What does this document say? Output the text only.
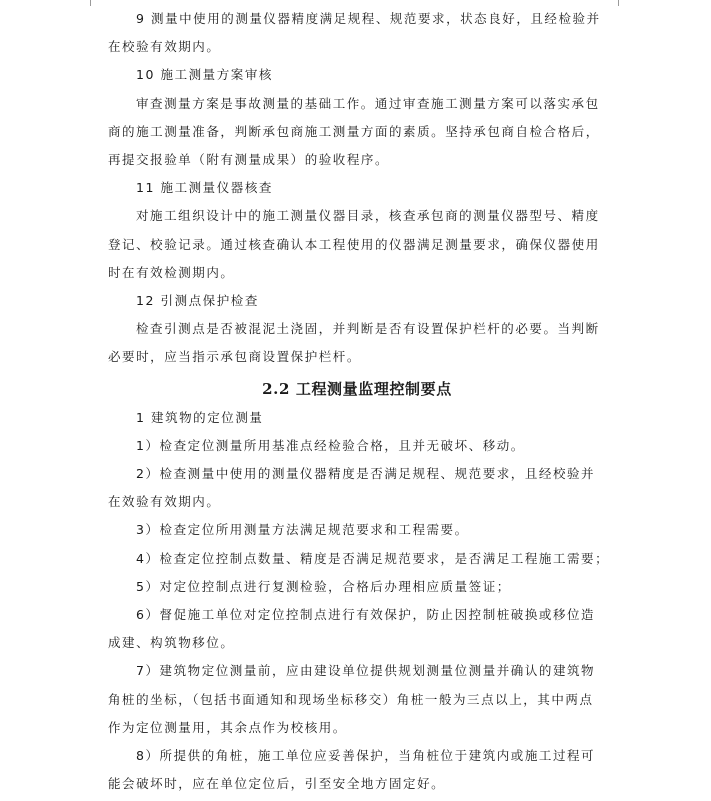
9 测量中使用的测量仪器精度满足规程、规范要求，状态良好，且经检验并

在校验有效期内。

10 施工测量方案审核

审查测量方案是事故测量的基础工作。通过审查施工测量方案可以落实承包

商的施工测量准备，判断承包商施工测量方面的素质。坚持承包商自检合格后，

再提交报验单（附有测量成果）的验收程序。

11 施工测量仪器核查

对施工组织设计中的施工测量仪器目录，核查承包商的测量仪器型号、精度

登记、校验记录。通过核查确认本工程使用的仪器满足测量要求，确保仪器使用

时在有效检测期内。

12 引测点保护检查

检查引测点是否被混泥土浇固，并判断是否有设置保护栏杆的必要。当判断

必要时，应当指示承包商设置保护栏杆。

2.2 工程测量监理控制要点

1 建筑物的定位测量

1）检查定位测量所用基准点经检验合格，且并无破坏、移动。

2）检查测量中使用的测量仪器精度是否满足规程、规范要求，且经校验并

在效验有效期内。

3）检查定位所用测量方法满足规范要求和工程需要。

4）检查定位控制点数量、精度是否满足规范要求，是否满足工程施工需要；

5）对定位控制点进行复测检验，合格后办理相应质量签证；

6）督促施工单位对定位控制点进行有效保护，防止因控制桩破换或移位造

成建、构筑物移位。

7）建筑物定位测量前，应由建设单位提供规划测量位测量并确认的建筑物

角桩的坐标，（包括书面通知和现场坐标移交）角桩一般为三点以上，其中两点

作为定位测量用，其余点作为校核用。

8）所提供的角桩，施工单位应妥善保护，当角桩位于建筑内或施工过程可

能会破坏时，应在单位定位后，引至安全地方固定好。
